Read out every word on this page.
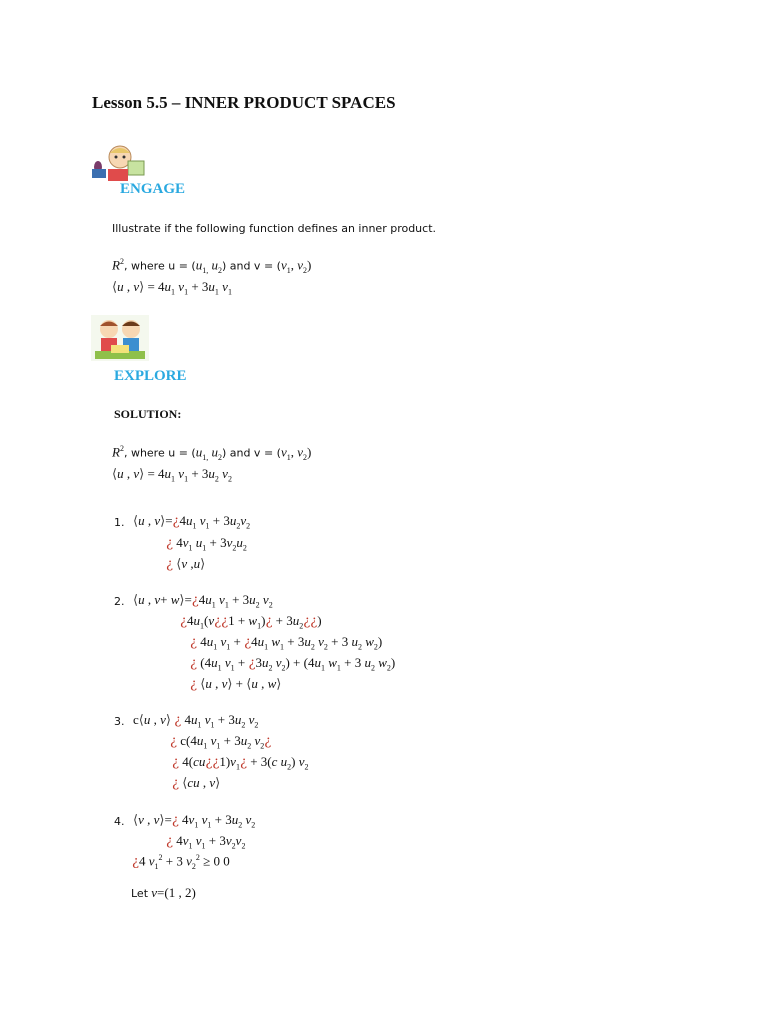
Lesson 5.5 – INNER PRODUCT SPACES
ENGAGE
Illustrate if the following function defines an inner product.
$R^2$, where $u = (u_{1,}$ $u_2$) and $v = (v_1$, $v_2$)
⟨u , v⟩ = $4u_1$ $v_1 + 3u_1$ $v_1$
EXPLORE
SOLUTION:
$R^2$, where $u = (u_{1,}$ $u_2$) and $v = (v_1$, $v_2$)
⟨u , v⟩ = $4u_1$ $v_1 + 3u_2$ $v_2$
1. ⟨u , $v⟩=¿4u_1$ $v_1 + 3u_2v_2$
¿ $4v_1$ $u_1 + 3v_2u_2$
¿ ⟨v ,u⟩
2. ⟨u , $v+ w⟩=¿4u_1$ $v_1 + 3u_2$ $v_2$
¿$4u_1(v¿¿1$ + $w_1)¿$ + $3u_2¿¿$)
¿ $4u_1$ $v_1$ + ¿$4u_1$ $w_1 + 3u_2$ $v_2 + 3$ $u_2$ $w_2$)
¿ ($4u_1$ $v_1$ + ¿$3u_2$ $v_2) + (4u_1$ $w_1 + 3$ $u_2$ $w_2$)
¿ ⟨u , v⟩ + ⟨u , w⟩
3. c⟨u , v⟩ ¿ $4u_1$ $v_1 + 3u_2$ $v_2$
¿ $c(4u_1$ $v_1 + 3u_2$ $v_2¿$
¿ $4(cu¿¿1)v_1¿ + 3(c$ $u_2$) $v_2$
¿ ⟨cu , v⟩
4. ⟨v , v⟩=¿ $4v_1$ $v_1 + 3u_2$ $v_2$
¿ $4v_1$ $v_1 + 3v_2v_2$
¿4 $v_1^2 + 3$ $v_2^2 \ge 0$ 0
Let v=(1 , 2)
